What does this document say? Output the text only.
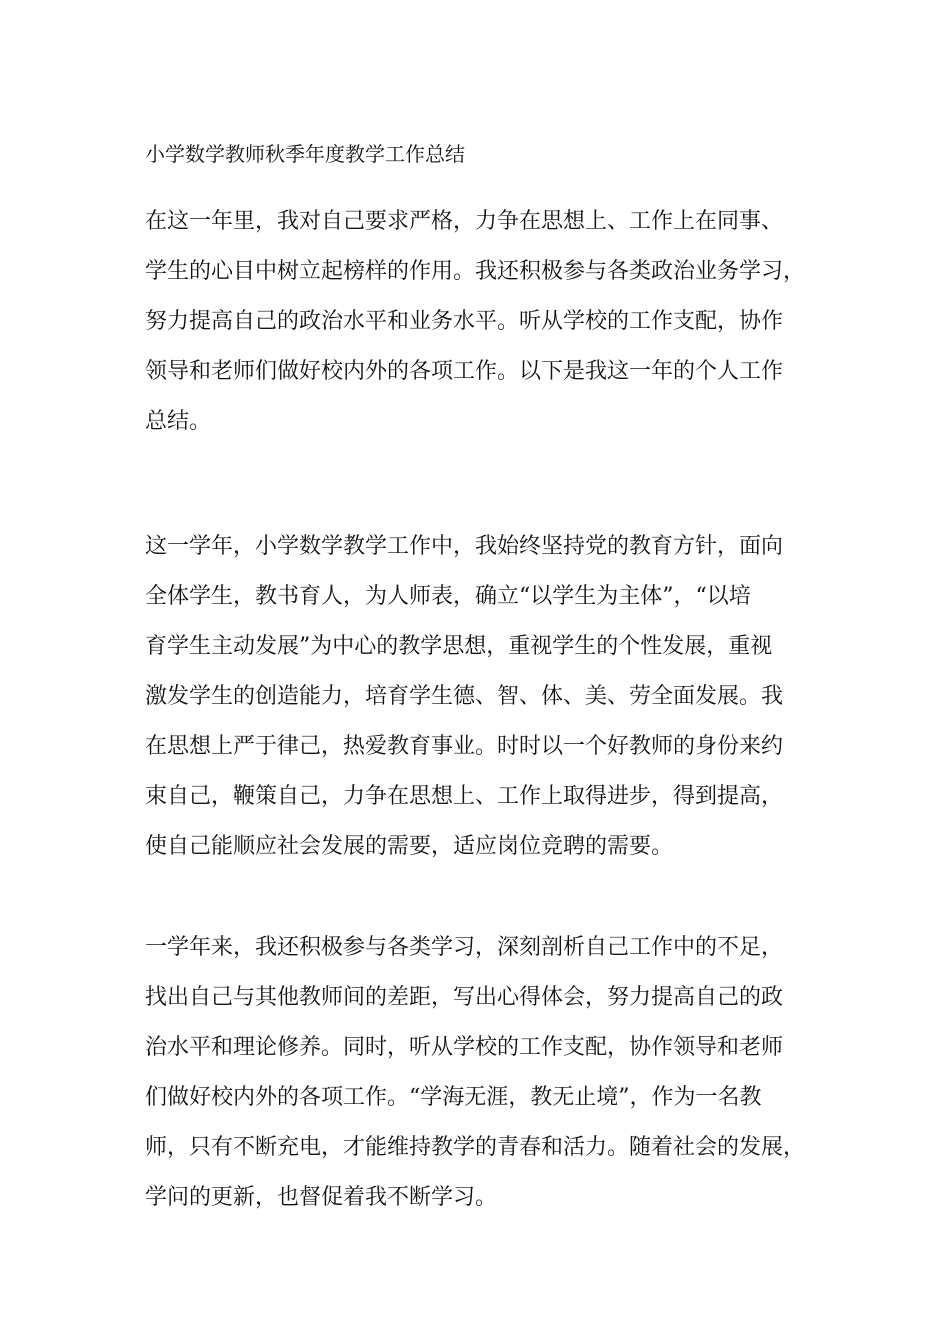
小学数学教师秋季年度教学工作总结
在这一年里，我对自己要求严格，力争在思想上、工作上在同事、
学生的心目中树立起榜样的作用。我还积极参与各类政治业务学习，
努力提高自己的政治水平和业务水平。听从学校的工作支配，协作
领导和老师们做好校内外的各项工作。以下是我这一年的个人工作
总结。
这一学年，小学数学教学工作中，我始终坚持党的教育方针，面向
全体学生，教书育人，为人师表，确立“以学生为主体”，“以培
育学生主动发展”为中心的教学思想，重视学生的个性发展，重视
激发学生的创造能力，培育学生德、智、体、美、劳全面发展。我
在思想上严于律己，热爱教育事业。时时以一个好教师的身份来约
束自己，鞭策自己，力争在思想上、工作上取得进步，得到提高，
使自己能顺应社会发展的需要，适应岗位竞聘的需要。
一学年来，我还积极参与各类学习，深刻剖析自己工作中的不足，
找出自己与其他教师间的差距，写出心得体会，努力提高自己的政
治水平和理论修养。同时，听从学校的工作支配，协作领导和老师
们做好校内外的各项工作。“学海无涯，教无止境”，作为一名教
师，只有不断充电，才能维持教学的青春和活力。随着社会的发展，
学问的更新，也督促着我不断学习。
